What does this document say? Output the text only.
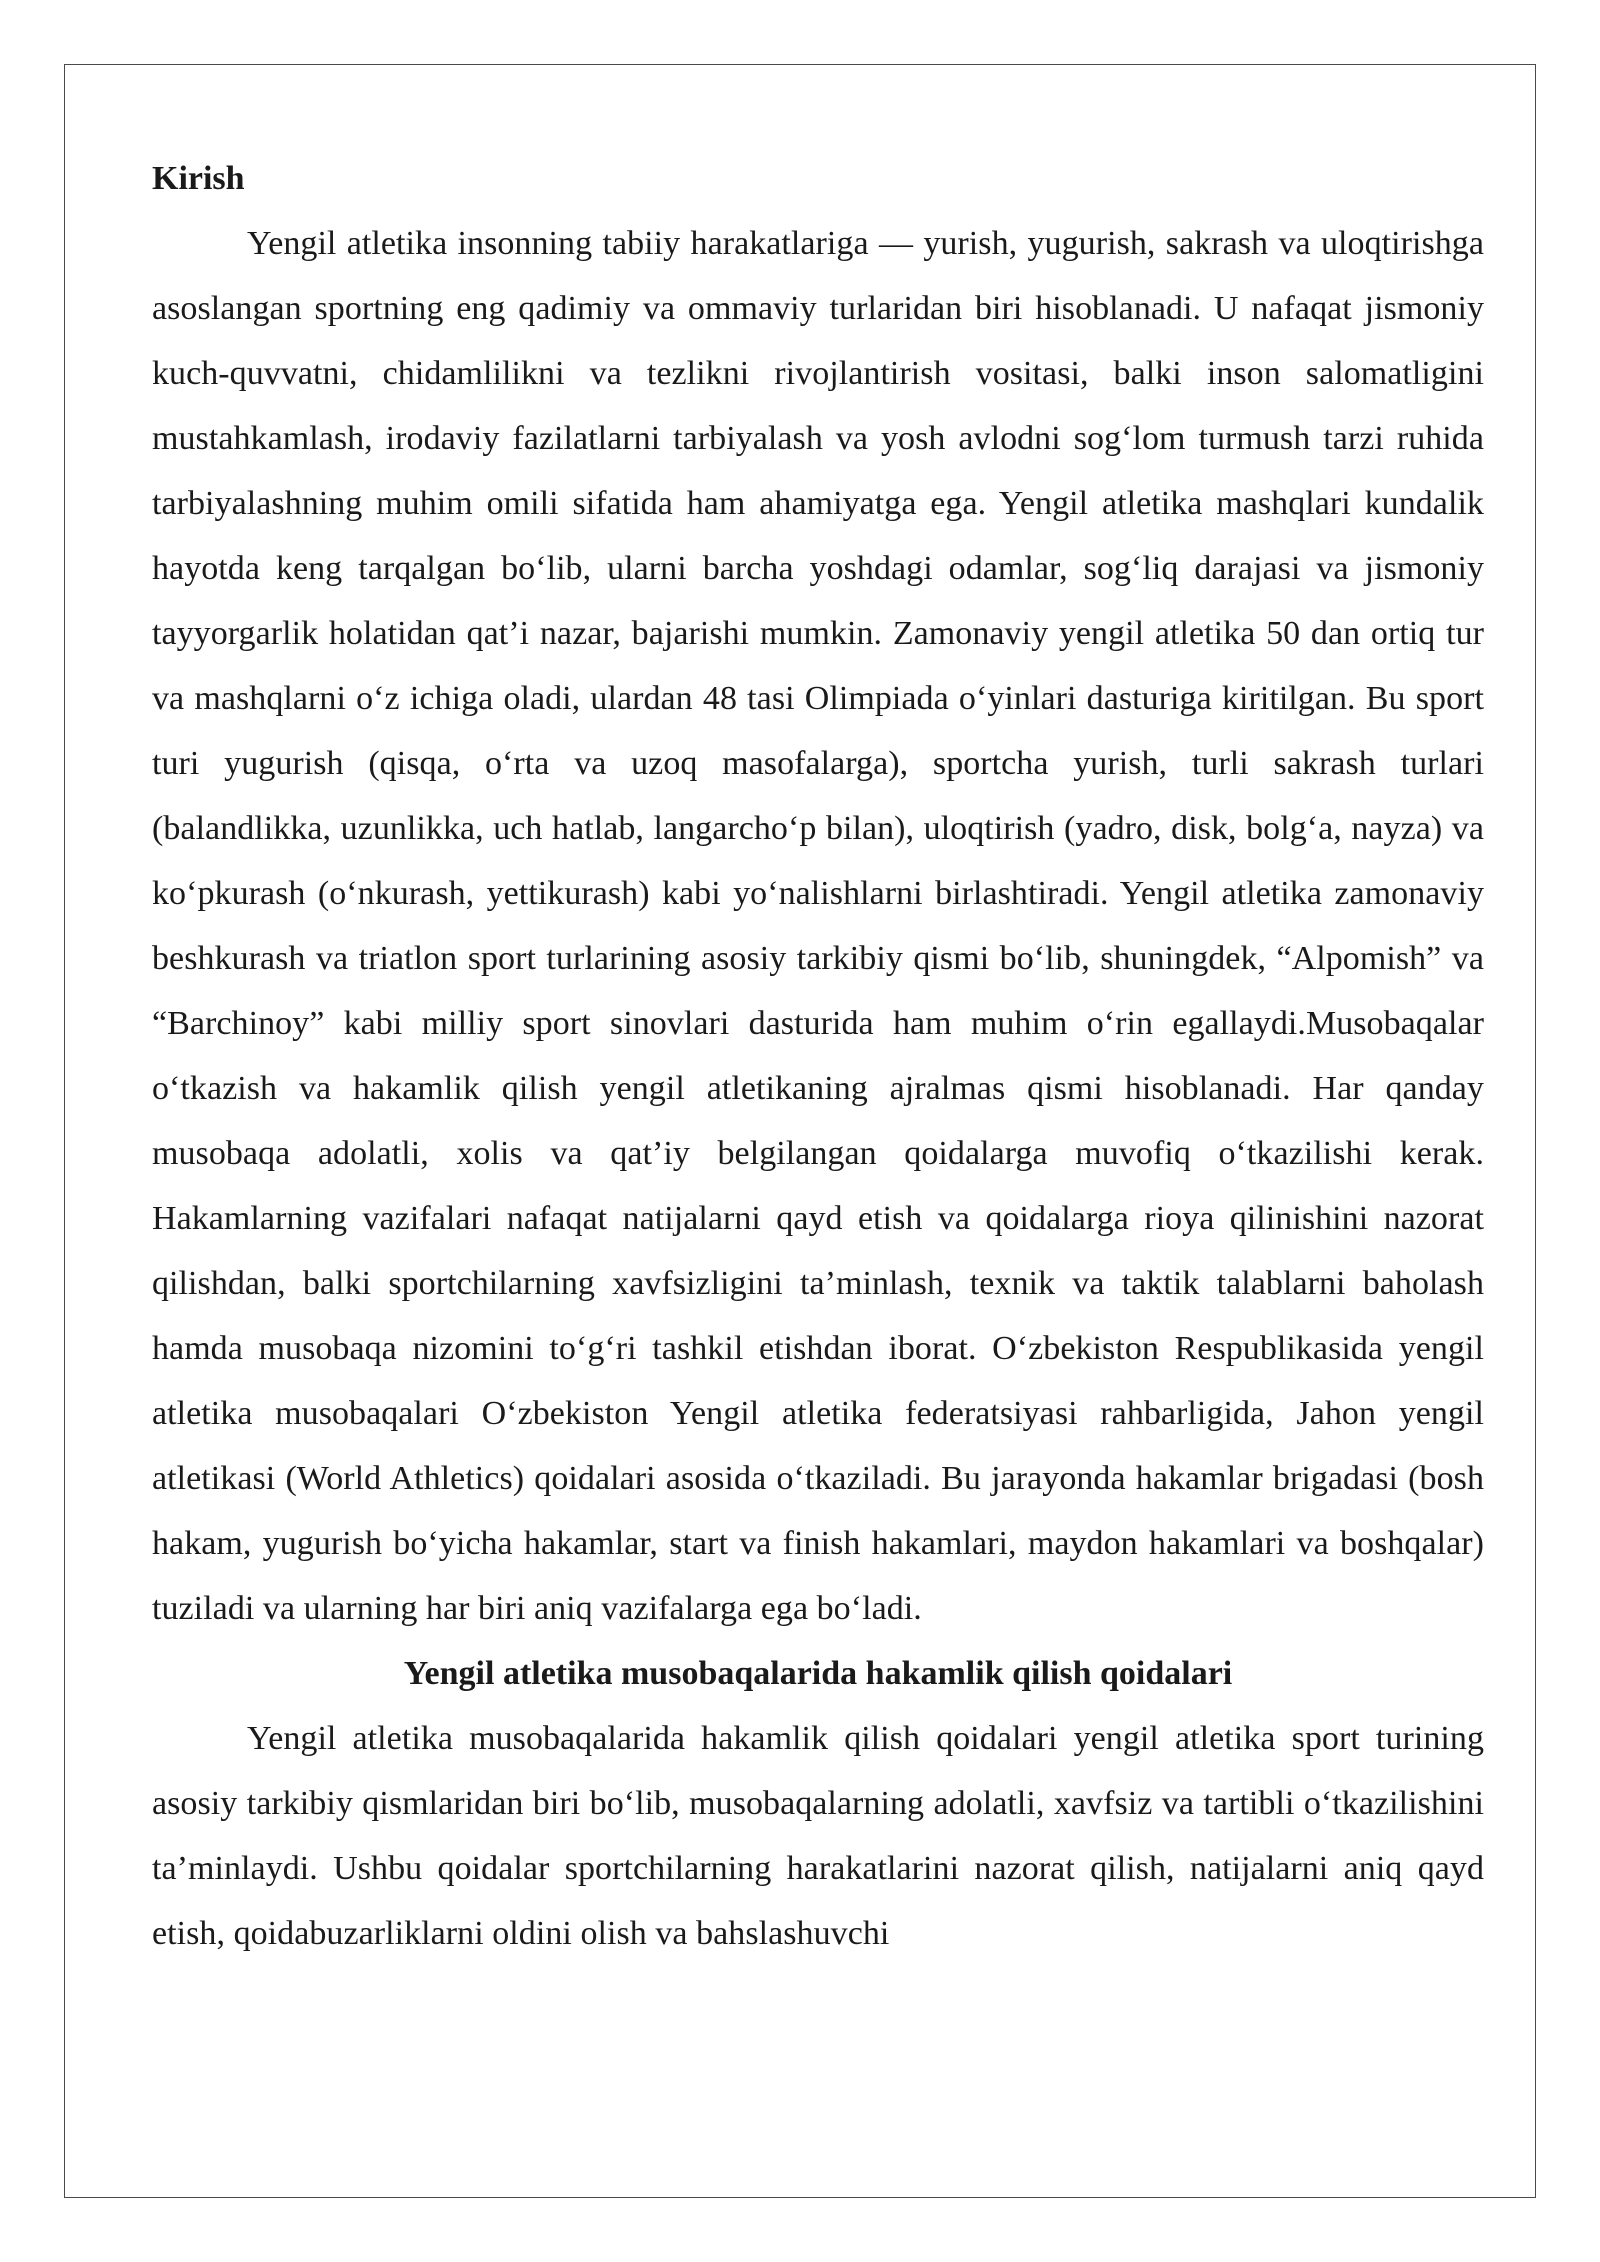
Kirish

Yengil atletika insonning tabiiy harakatlariga — yurish, yugurish, sakrash va uloqtirishga asoslangan sportning eng qadimiy va ommaviy turlaridan biri hisoblanadi. U nafaqat jismoniy kuch-quvvatni, chidamlilikni va tezlikni rivojlantirish vositasi, balki inson salomatligini mustahkamlash, irodaviy fazilatlarni tarbiyalash va yosh avlodni sog‘lom turmush tarzi ruhida tarbiyalashning muhim omili sifatida ham ahamiyatga ega. Yengil atletika mashqlari kundalik hayotda keng tarqalgan bo‘lib, ularni barcha yoshdagi odamlar, sog‘liq darajasi va jismoniy tayyorgarlik holatidan qat’i nazar, bajarishi mumkin. Zamonaviy yengil atletika 50 dan ortiq tur va mashqlarni o‘z ichiga oladi, ulardan 48 tasi Olimpiada o‘yinlari dasturiga kiritilgan. Bu sport turi yugurish (qisqa, o‘rta va uzoq masofalarga), sportcha yurish, turli sakrash turlari (balandlikka, uzunlikka, uch hatlab, langarcho‘p bilan), uloqtirish (yadro, disk, bolg‘a, nayza) va ko‘pkurash (o‘nkurash, yettikurash) kabi yo‘nalishlarni birlashtiradi. Yengil atletika zamonaviy beshkurash va triatlon sport turlarining asosiy tarkibiy qismi bo‘lib, shuningdek, “Alpomish” va “Barchinoy” kabi milliy sport sinovlari dasturida ham muhim o‘rin egallaydi.Musobaqalar o‘tkazish va hakamlik qilish yengil atletikaning ajralmas qismi hisoblanadi. Har qanday musobaqa adolatli, xolis va qat’iy belgilangan qoidalarga muvofiq o‘tkazilishi kerak. Hakamlarning vazifalari nafaqat natijalarni qayd etish va qoidalarga rioya qilinishini nazorat qilishdan, balki sportchilarning xavfsizligini ta’minlash, texnik va taktik talablarni baholash hamda musobaqa nizomini to‘g‘ri tashkil etishdan iborat. O‘zbekiston Respublikasida yengil atletika musobaqalari O‘zbekiston Yengil atletika federatsiyasi rahbarligida, Jahon yengil atletikasi (World Athletics) qoidalari asosida o‘tkaziladi. Bu jarayonda hakamlar brigadasi (bosh hakam, yugurish bo‘yicha hakamlar, start va finish hakamlari, maydon hakamlari va boshqalar) tuziladi va ularning har biri aniq vazifalarga ega bo‘ladi.

Yengil atletika musobaqalarida hakamlik qilish qoidalari

Yengil atletika musobaqalarida hakamlik qilish qoidalari yengil atletika sport turining asosiy tarkibiy qismlaridan biri bo‘lib, musobaqalarning adolatli, xavfsiz va tartibli o‘tkazilishini ta’minlaydi. Ushbu qoidalar sportchilarning harakatlarini nazorat qilish, natijalarni aniq qayd etish, qoidabuzarliklarni oldini olish va bahslashuvchi
